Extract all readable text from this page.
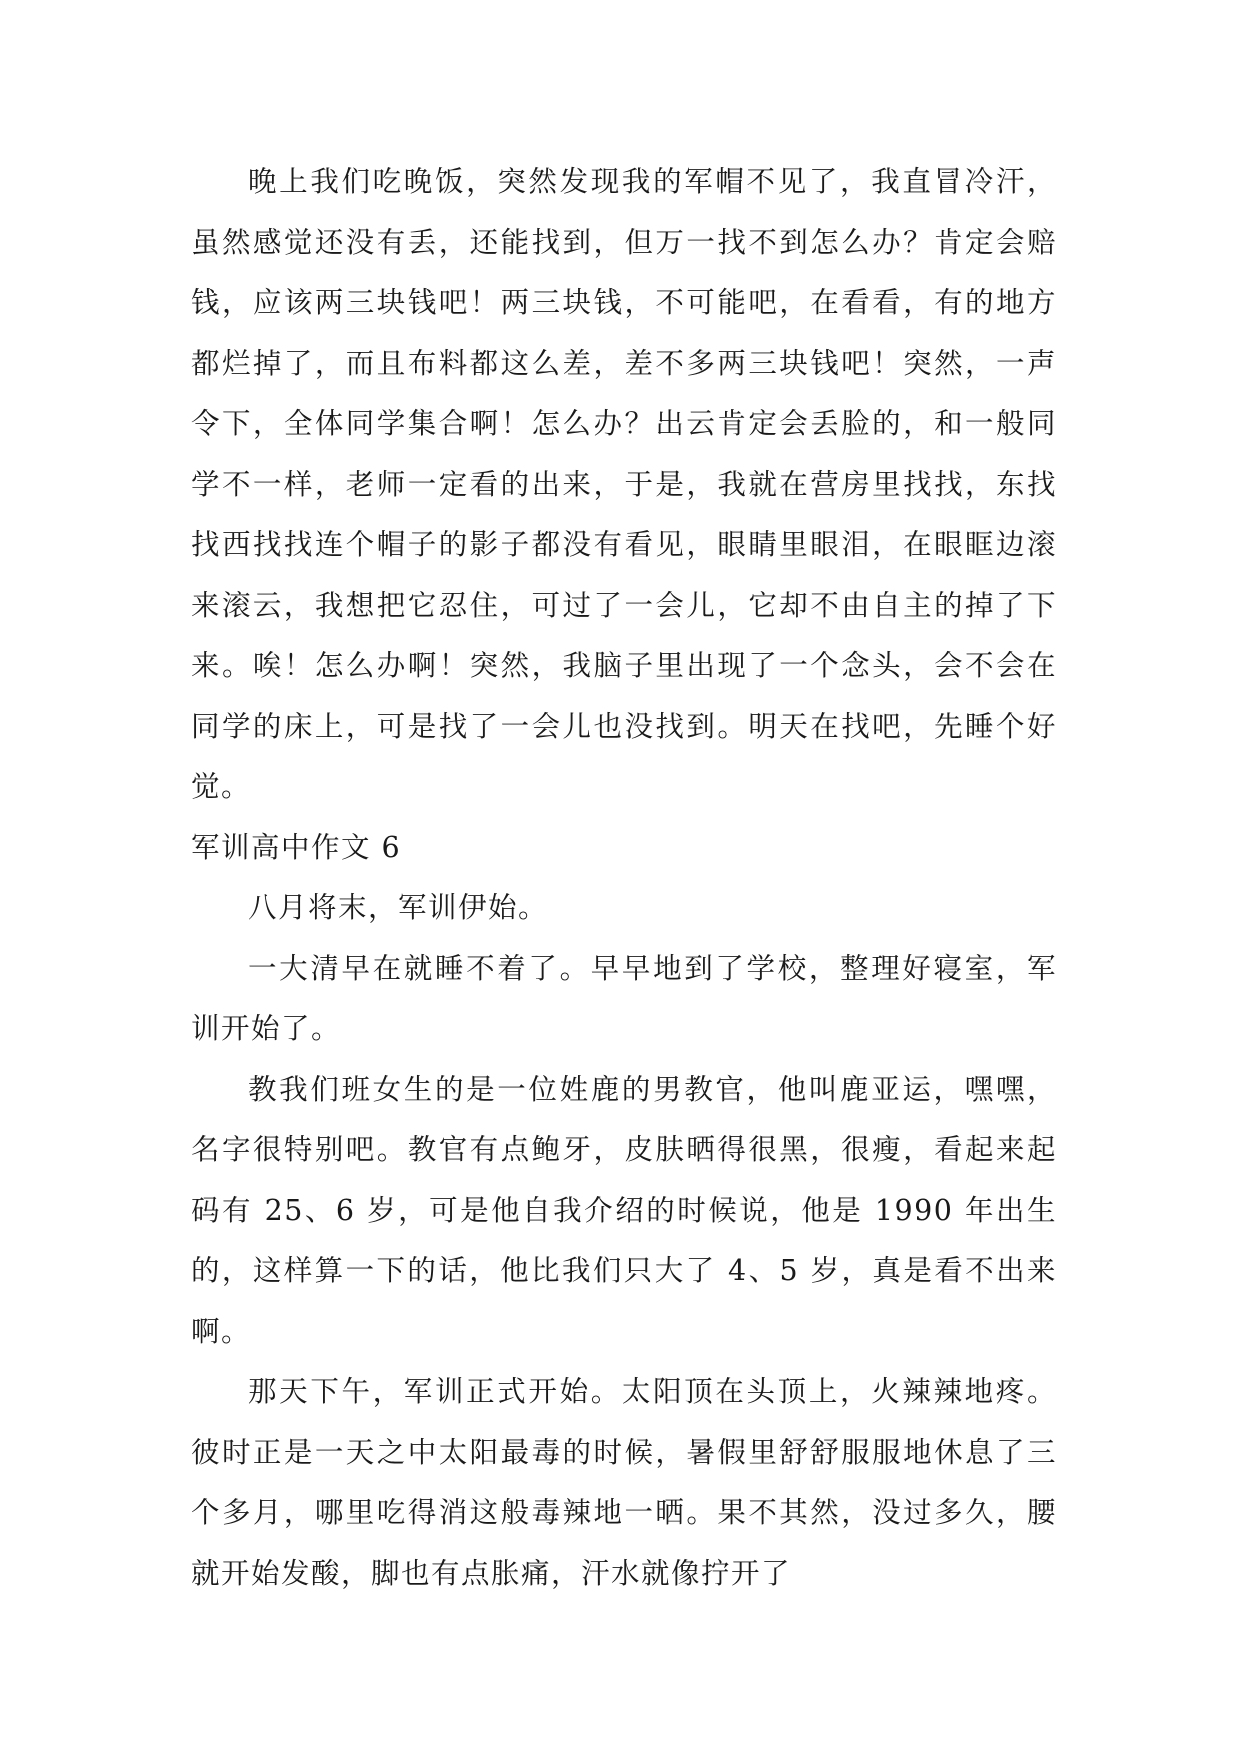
晚上我们吃晚饭，突然发现我的军帽不见了，我直冒冷汗，虽然感觉还没有丢，还能找到，但万一找不到怎么办？肯定会赔钱，应该两三块钱吧！两三块钱，不可能吧，在看看，有的地方都烂掉了，而且布料都这么差，差不多两三块钱吧！突然，一声令下，全体同学集合啊！怎么办？出云肯定会丢脸的，和一般同学不一样，老师一定看的出来，于是，我就在营房里找找，东找找西找找连个帽子的影子都没有看见，眼睛里眼泪，在眼眶边滚来滚云，我想把它忍住，可过了一会儿，它却不由自主的掉了下来。唉！怎么办啊！突然，我脑子里出现了一个念头，会不会在同学的床上，可是找了一会儿也没找到。明天在找吧，先睡个好觉。

军训高中作文 6

八月将末，军训伊始。

一大清早在就睡不着了。早早地到了学校，整理好寝室，军训开始了。

教我们班女生的是一位姓鹿的男教官，他叫鹿亚运，嘿嘿，名字很特别吧。教官有点鲍牙，皮肤晒得很黑，很瘦，看起来起码有 25、6 岁，可是他自我介绍的时候说，他是 1990 年出生的，这样算一下的话，他比我们只大了 4、5 岁，真是看不出来啊。

那天下午，军训正式开始。太阳顶在头顶上，火辣辣地疼。彼时正是一天之中太阳最毒的时候，暑假里舒舒服服地休息了三个多月，哪里吃得消这般毒辣地一晒。果不其然，没过多久，腰就开始发酸，脚也有点胀痛，汗水就像拧开了
